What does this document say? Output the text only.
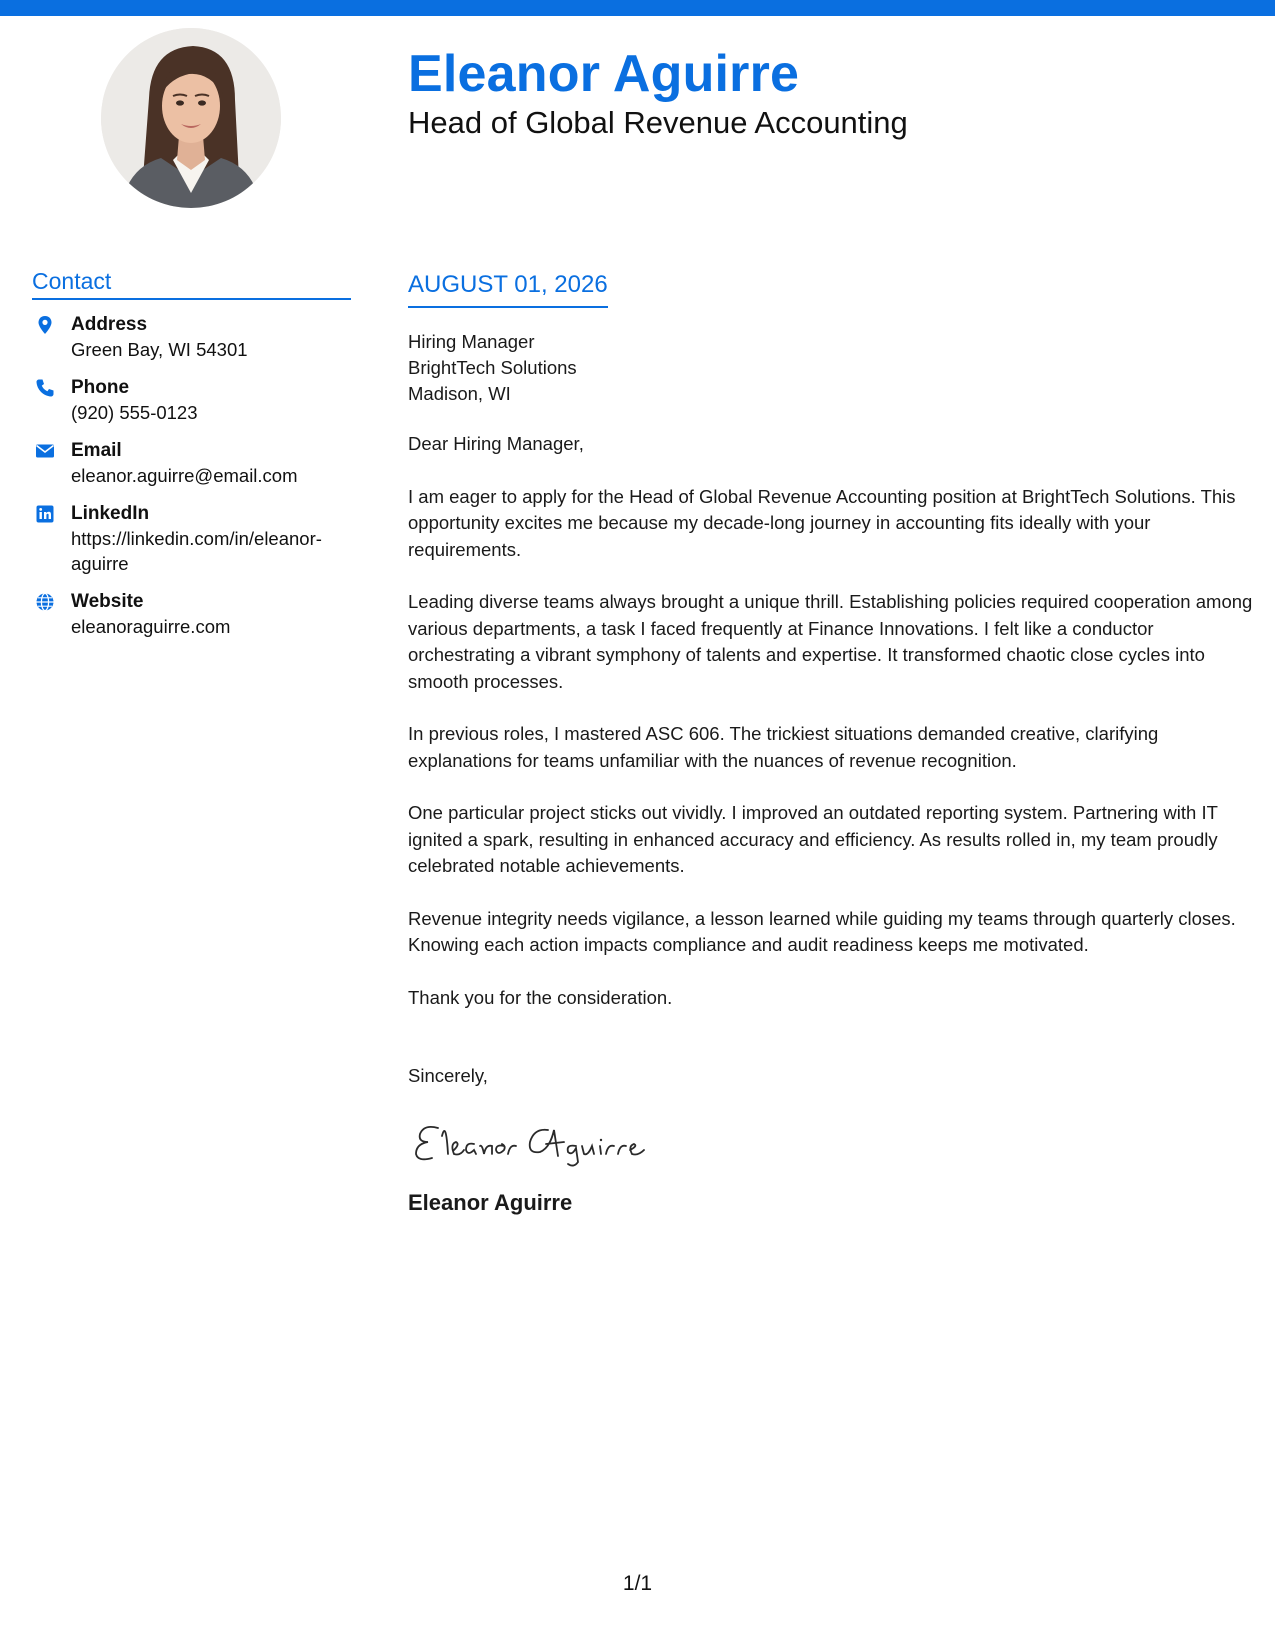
Eleanor Aguirre
Head of Global Revenue Accounting
Contact
Address
Green Bay, WI 54301
Phone
(920) 555-0123
Email
eleanor.aguirre@email.com
LinkedIn
https://linkedin.com/in/eleanor-aguirre
Website
eleanoraguirre.com
AUGUST 01, 2026
Hiring Manager
BrightTech Solutions
Madison, WI

Dear Hiring Manager,

I am eager to apply for the Head of Global Revenue Accounting position at BrightTech Solutions. This opportunity excites me because my decade-long journey in accounting fits ideally with your requirements.

Leading diverse teams always brought a unique thrill. Establishing policies required cooperation among various departments, a task I faced frequently at Finance Innovations. I felt like a conductor orchestrating a vibrant symphony of talents and expertise. It transformed chaotic close cycles into smooth processes.

In previous roles, I mastered ASC 606. The trickiest situations demanded creative, clarifying explanations for teams unfamiliar with the nuances of revenue recognition.

One particular project sticks out vividly. I improved an outdated reporting system. Partnering with IT ignited a spark, resulting in enhanced accuracy and efficiency. As results rolled in, my team proudly celebrated notable achievements.

Revenue integrity needs vigilance, a lesson learned while guiding my teams through quarterly closes. Knowing each action impacts compliance and audit readiness keeps me motivated.

Thank you for the consideration.

Sincerely,

Eleanor Aguirre
1/1
